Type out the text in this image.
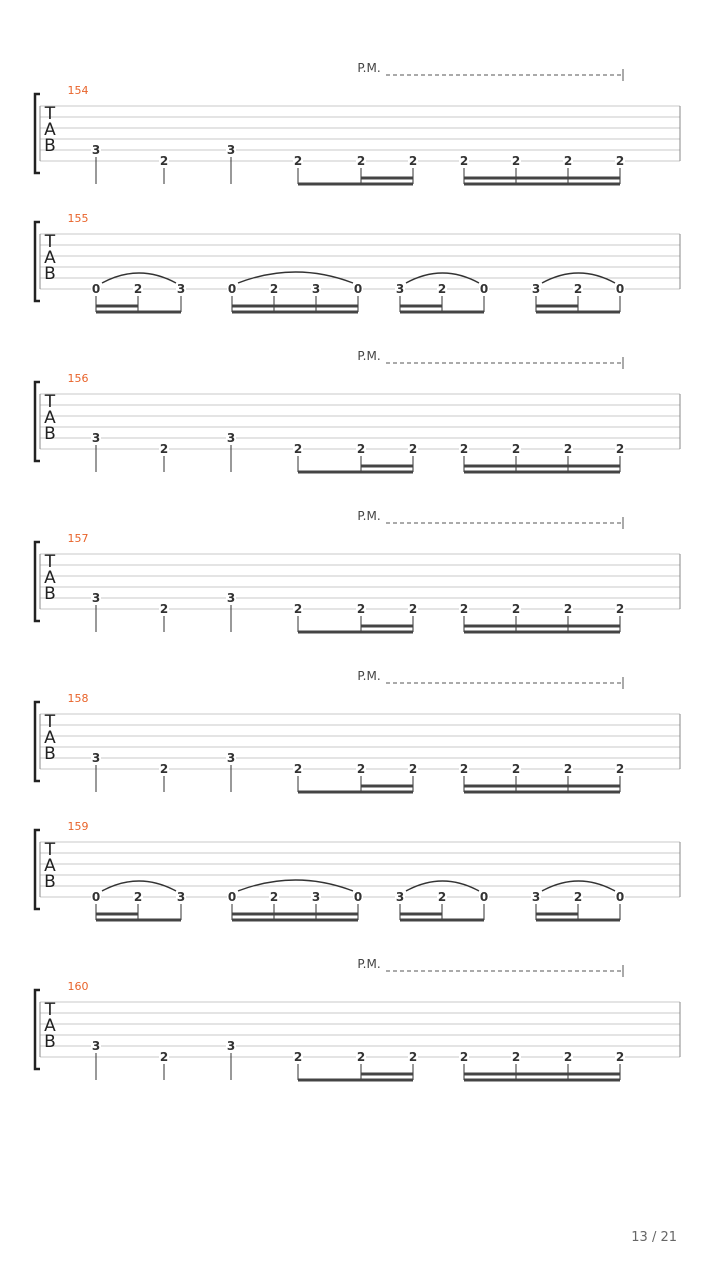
P.M.
154
T
A
B	3
2
3
2	2	2	2	2	2	2
155
T
A
B
0	2	3	0	2	3	0	3	2	0	3	2	0
P.M.
156
T
A
B	3
2
3
2	2	2	2	2	2	2
P.M.
157
T
A
B	3
2
3
2	2	2	2	2	2	2
P.M.
158
T
A
B	3
2
3
2	2	2	2	2	2	2
159
T
A
B
0	2	3	0	2	3	0	3	2	0	3	2	0
P.M.
160
T
A
B	3
2
3
2	2	2	2	2	2	2
13 / 21
